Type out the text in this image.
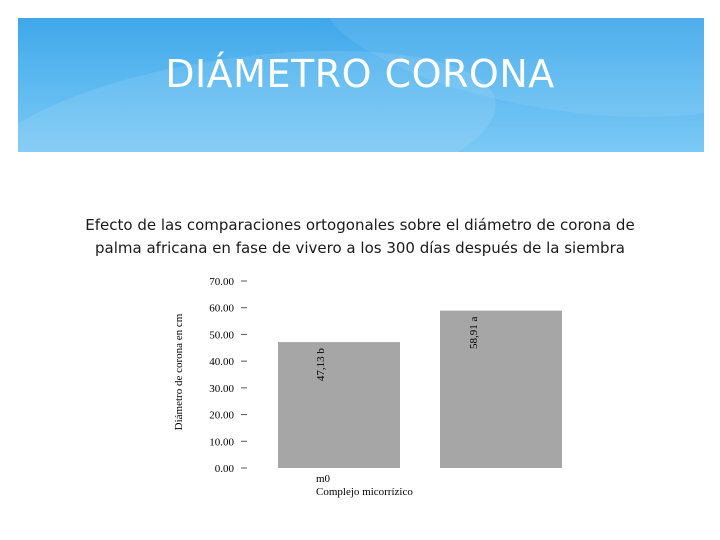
DIÁMETRO CORONA
Efecto de las comparaciones ortogonales sobre el diámetro de corona de palma africana en fase de vivero a los 300 días después de la siembra
Diámetro de corona en cm
m0
Complejo micorrízico
0.00
10.00
20.00
30.00
40.00
50.00
60.00
70.00
47,13 b
58,91 a
